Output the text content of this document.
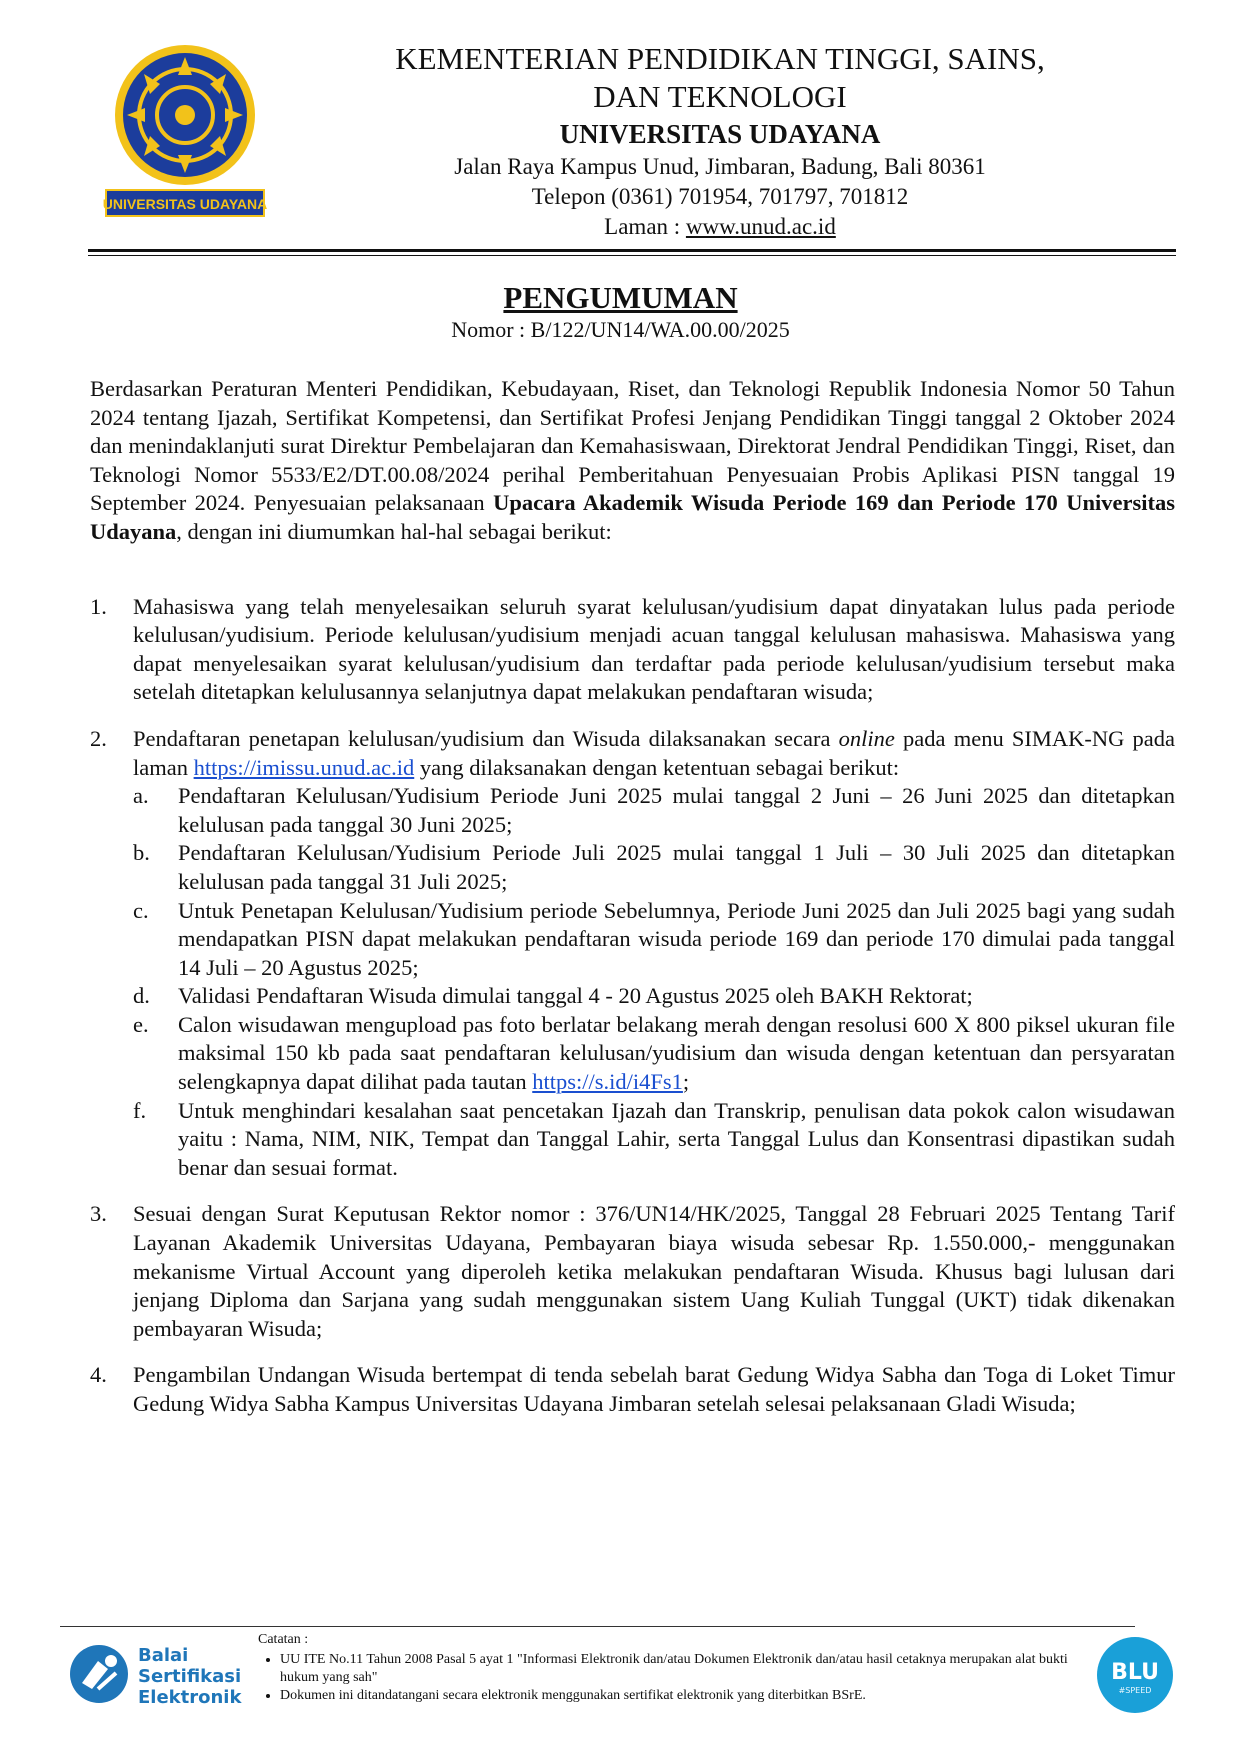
UNIVERSITAS UDAYANA
KEMENTERIAN PENDIDIKAN TINGGI, SAINS,
DAN TEKNOLOGI
UNIVERSITAS UDAYANA
Jalan Raya Kampus Unud, Jimbaran, Badung, Bali 80361
Telepon (0361) 701954, 701797, 701812
Laman : www.unud.ac.id
PENGUMUMAN
Nomor : B/122/UN14/WA.00.00/2025

Berdasarkan Peraturan Menteri Pendidikan, Kebudayaan, Riset, dan Teknologi Republik Indonesia Nomor 50 Tahun 2024 tentang Ijazah, Sertifikat Kompetensi, dan Sertifikat Profesi Jenjang Pendidikan Tinggi tanggal 2 Oktober 2024 dan menindaklanjuti surat Direktur Pembelajaran dan Kemahasiswaan, Direktorat Jendral Pendidikan Tinggi, Riset, dan Teknologi Nomor 5533/E2/DT.00.08/2024 perihal Pemberitahuan Penyesuaian Probis Aplikasi PISN tanggal 19 September 2024. Penyesuaian pelaksanaan Upacara Akademik Wisuda Periode 169 dan Periode 170 Universitas Udayana, dengan ini diumumkan hal-hal sebagai berikut:

1. Mahasiswa yang telah menyelesaikan seluruh syarat kelulusan/yudisium dapat dinyatakan lulus pada periode kelulusan/yudisium. Periode kelulusan/yudisium menjadi acuan tanggal kelulusan mahasiswa. Mahasiswa yang dapat menyelesaikan syarat kelulusan/yudisium dan terdaftar pada periode kelulusan/yudisium tersebut maka setelah ditetapkan kelulusannya selanjutnya dapat melakukan pendaftaran wisuda;
2. Pendaftaran penetapan kelulusan/yudisium dan Wisuda dilaksanakan secara online pada menu SIMAK-NG pada laman https://imissu.unud.ac.id yang dilaksanakan dengan ketentuan sebagai berikut:
a. Pendaftaran Kelulusan/Yudisium Periode Juni 2025 mulai tanggal 2 Juni – 26 Juni 2025 dan ditetapkan kelulusan pada tanggal 30 Juni 2025;
b. Pendaftaran Kelulusan/Yudisium Periode Juli 2025 mulai tanggal 1 Juli – 30 Juli 2025 dan ditetapkan kelulusan pada tanggal 31 Juli 2025;
c. Untuk Penetapan Kelulusan/Yudisium periode Sebelumnya, Periode Juni 2025 dan Juli 2025 bagi yang sudah mendapatkan PISN dapat melakukan pendaftaran wisuda periode 169 dan periode 170 dimulai pada tanggal 14 Juli – 20 Agustus 2025;
d. Validasi Pendaftaran Wisuda dimulai tanggal 4 - 20 Agustus 2025 oleh BAKH Rektorat;
e. Calon wisudawan mengupload pas foto berlatar belakang merah dengan resolusi 600 X 800 piksel ukuran file maksimal 150 kb pada saat pendaftaran kelulusan/yudisium dan wisuda dengan ketentuan dan persyaratan selengkapnya dapat dilihat pada tautan https://s.id/i4Fs1;
f. Untuk menghindari kesalahan saat pencetakan Ijazah dan Transkrip, penulisan data pokok calon wisudawan yaitu : Nama, NIM, NIK, Tempat dan Tanggal Lahir, serta Tanggal Lulus dan Konsentrasi dipastikan sudah benar dan sesuai format.
3. Sesuai dengan Surat Keputusan Rektor nomor : 376/UN14/HK/2025, Tanggal 28 Februari 2025 Tentang Tarif Layanan Akademik Universitas Udayana, Pembayaran biaya wisuda sebesar Rp. 1.550.000,- menggunakan mekanisme Virtual Account yang diperoleh ketika melakukan pendaftaran Wisuda. Khusus bagi lulusan dari jenjang Diploma dan Sarjana yang sudah menggunakan sistem Uang Kuliah Tunggal (UKT) tidak dikenakan pembayaran Wisuda;
4. Pengambilan Undangan Wisuda bertempat di tenda sebelah barat Gedung Widya Sabha dan Toga di Loket Timur Gedung Widya Sabha Kampus Universitas Udayana Jimbaran setelah selesai pelaksanaan Gladi Wisuda;
Balai
Sertifikasi
Elektronik
Catatan :
• UU ITE No.11 Tahun 2008 Pasal 5 ayat 1 "Informasi Elektronik dan/atau Dokumen Elektronik dan/atau hasil cetaknya merupakan alat bukti hukum yang sah"
• Dokumen ini ditandatangani secara elektronik menggunakan sertifikat elektronik yang diterbitkan BSrE.
BLU
#SPEED
